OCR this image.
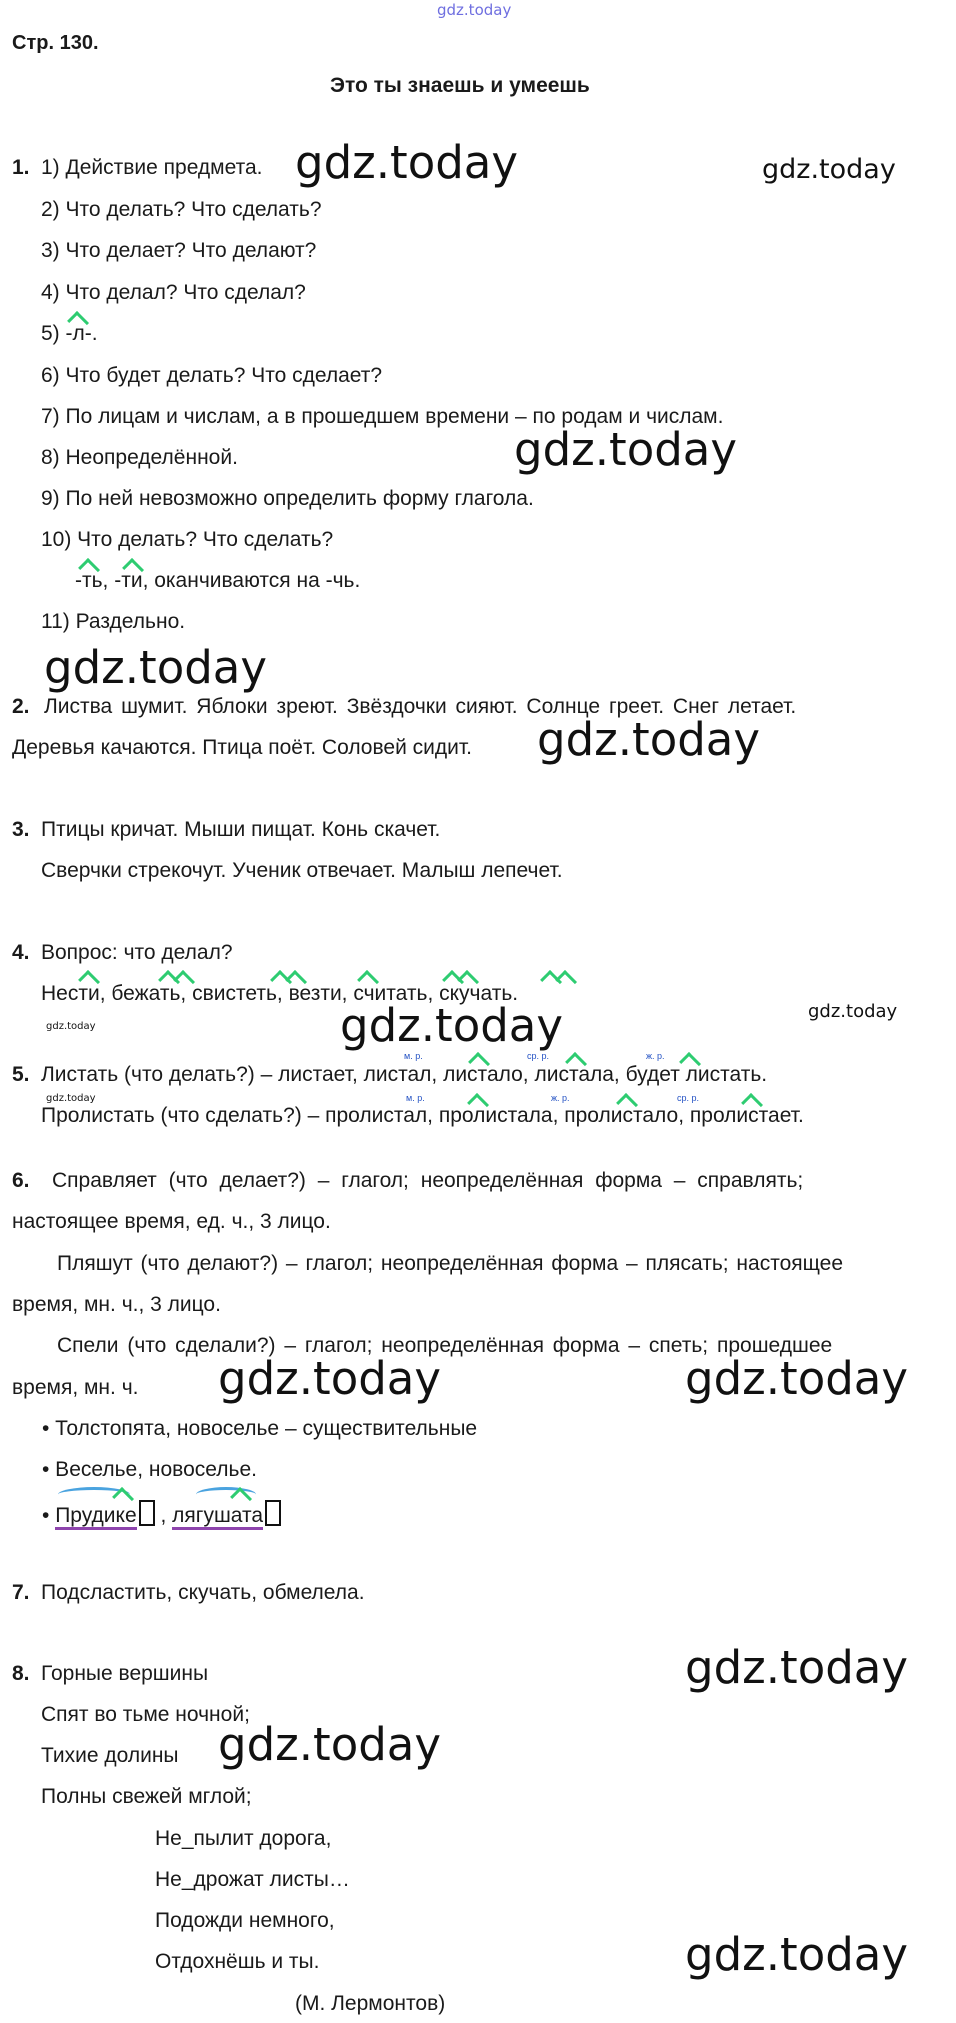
gdz.today
Стр. 130.
Это ты знаешь и умеешь
1. 1) Действие предмета.
2) Что делать? Что сделать?
3) Что делает? Что делают?
4) Что делал? Что сделал?
5) -л-.
6) Что будет делать? Что сделает?
7) По лицам и числам, а в прошедшем времени – по родам и числам.
8) Неопределённой.
9) По ней невозможно определить форму глагола.
10) Что делать? Что сделать?
-ть, -ти, оканчиваются на -чь.
11) Раздельно.
2. Листва шумит. Яблоки зреют. Звёздочки сияют. Солнце греет. Снег летает.
Деревья качаются. Птица поёт. Соловей сидит.
3. Птицы кричат. Мыши пищат. Конь скачет.
Сверчки стрекочут. Ученик отвечает. Малыш лепечет.
4. Вопрос: что делал?
Нести, бежать, свистеть, везти, считать, скучать.
5. Листать (что делать?) – листает, листал, листало, листала, будет листать.
Пролистать (что сделать?) – пролистал, пролистала, пролистало, пролистает.
м. р.	ср. р.	ж. р.
м. р.	ж. р.	ср. р.
6. Справляет (что делает?) – глагол; неопределённая форма – справлять;
настоящее время, ед. ч., 3 лицо.
Пляшут (что делают?) – глагол; неопределённая форма – плясать; настоящее
время, мн. ч., 3 лицо.
Спели (что сделали?) – глагол; неопределённая форма – спеть; прошедшее
время, мн. ч.
• Толстопята, новоселье – существительные
• Веселье, новоселье.
• Прудике , лягушата
7. Подсластить, скучать, обмелела.
8. Горные вершины
Спят во тьме ночной;
Тихие долины
Полны свежей мглой;
Не_пылит дорога,
Не_дрожат листы…
Подожди немного,
Отдохнёшь и ты.
(М. Лермонтов)
gdz.today	gdz.today
gdz.today
gdz.today
gdz.today
gdz.today
gdz.today
gdz.today
gdz.today
gdz.today	gdz.today
gdz.today
gdz.today
gdz.today
